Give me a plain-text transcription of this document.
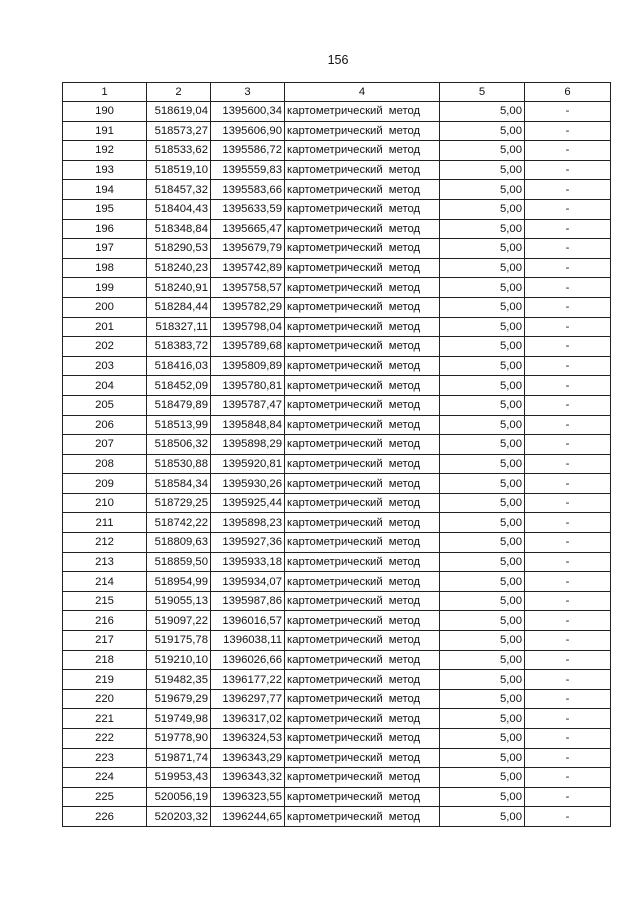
156
1	2	3	4	5	6
190	518619,04	1395600,34	картометрический метод	5,00	-
191	518573,27	1395606,90	картометрический метод	5,00	-
192	518533,62	1395586,72	картометрический метод	5,00	-
193	518519,10	1395559,83	картометрический метод	5,00	-
194	518457,32	1395583,66	картометрический метод	5,00	-
195	518404,43	1395633,59	картометрический метод	5,00	-
196	518348,84	1395665,47	картометрический метод	5,00	-
197	518290,53	1395679,79	картометрический метод	5,00	-
198	518240,23	1395742,89	картометрический метод	5,00	-
199	518240,91	1395758,57	картометрический метод	5,00	-
200	518284,44	1395782,29	картометрический метод	5,00	-
201	518327,11	1395798,04	картометрический метод	5,00	-
202	518383,72	1395789,68	картометрический метод	5,00	-
203	518416,03	1395809,89	картометрический метод	5,00	-
204	518452,09	1395780,81	картометрический метод	5,00	-
205	518479,89	1395787,47	картометрический метод	5,00	-
206	518513,99	1395848,84	картометрический метод	5,00	-
207	518506,32	1395898,29	картометрический метод	5,00	-
208	518530,88	1395920,81	картометрический метод	5,00	-
209	518584,34	1395930,26	картометрический метод	5,00	-
210	518729,25	1395925,44	картометрический метод	5,00	-
211	518742,22	1395898,23	картометрический метод	5,00	-
212	518809,63	1395927,36	картометрический метод	5,00	-
213	518859,50	1395933,18	картометрический метод	5,00	-
214	518954,99	1395934,07	картометрический метод	5,00	-
215	519055,13	1395987,86	картометрический метод	5,00	-
216	519097,22	1396016,57	картометрический метод	5,00	-
217	519175,78	1396038,11	картометрический метод	5,00	-
218	519210,10	1396026,66	картометрический метод	5,00	-
219	519482,35	1396177,22	картометрический метод	5,00	-
220	519679,29	1396297,77	картометрический метод	5,00	-
221	519749,98	1396317,02	картометрический метод	5,00	-
222	519778,90	1396324,53	картометрический метод	5,00	-
223	519871,74	1396343,29	картометрический метод	5,00	-
224	519953,43	1396343,32	картометрический метод	5,00	-
225	520056,19	1396323,55	картометрический метод	5,00	-
226	520203,32	1396244,65	картометрический метод	5,00	-
